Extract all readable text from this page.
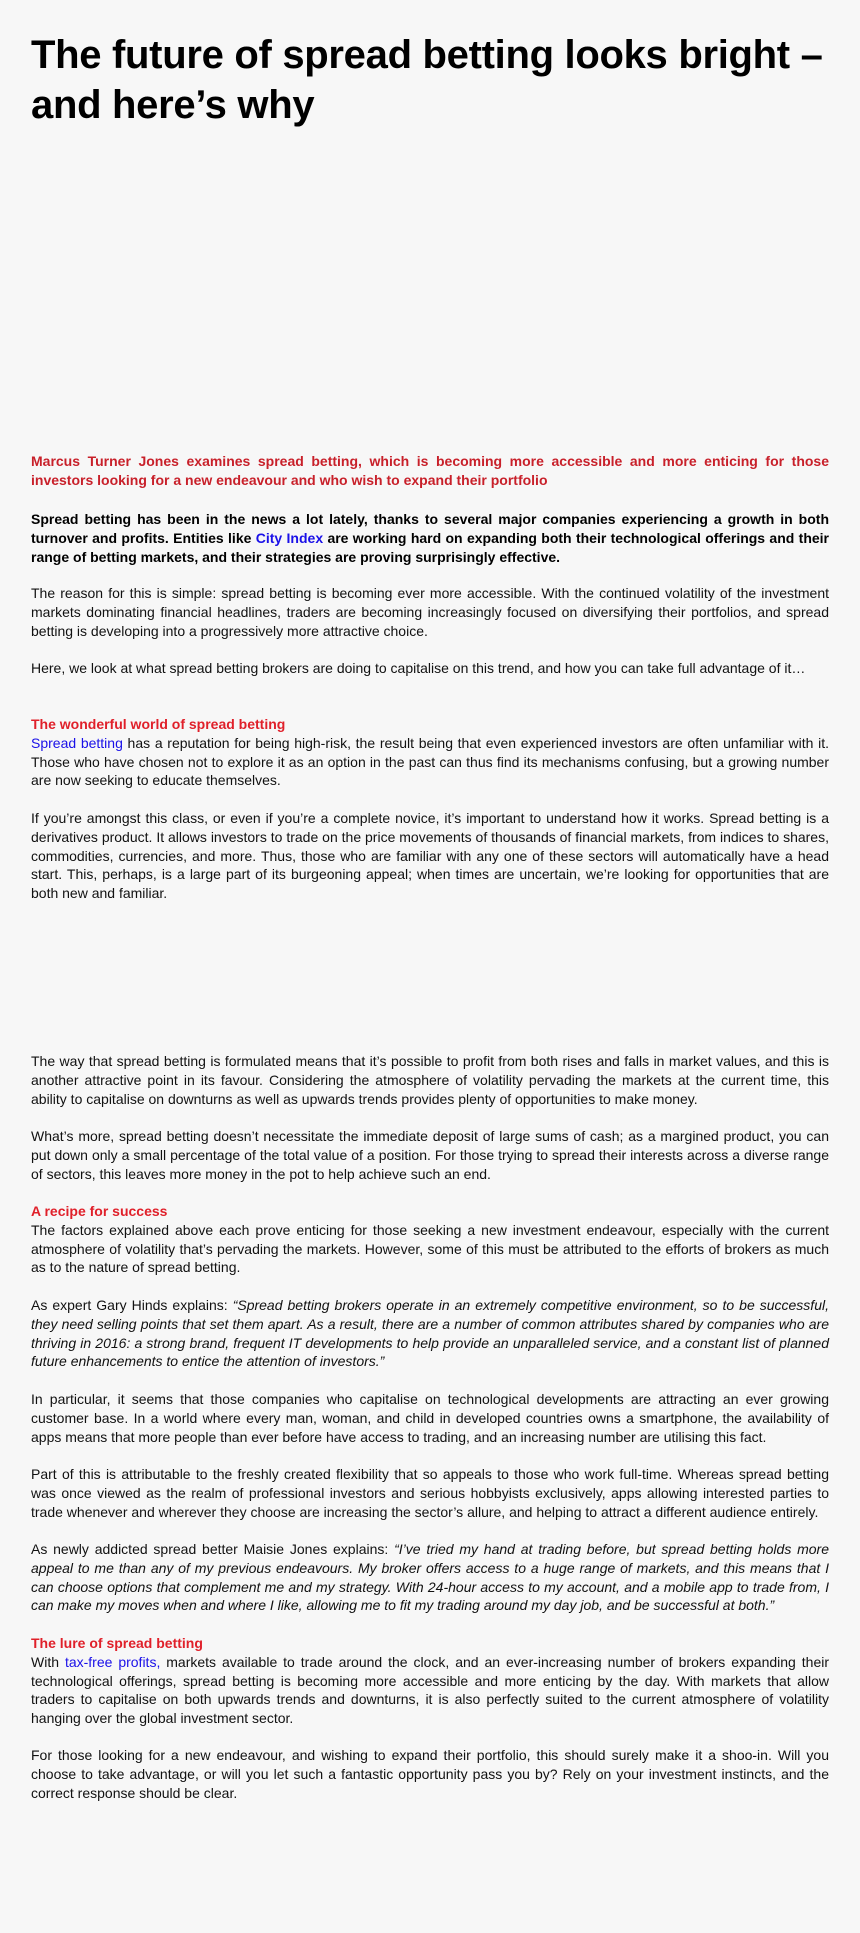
The future of spread betting looks bright – and here’s why

Marcus Turner Jones examines spread betting, which is becoming more accessible and more enticing for those investors looking for a new endeavour and who wish to expand their portfolio

Spread betting has been in the news a lot lately, thanks to several major companies experiencing a growth in both turnover and profits. Entities like City Index are working hard on expanding both their technological offerings and their range of betting markets, and their strategies are proving surprisingly effective.

The reason for this is simple: spread betting is becoming ever more accessible. With the continued volatility of the investment markets dominating financial headlines, traders are becoming increasingly focused on diversifying their portfolios, and spread betting is developing into a progressively more attractive choice.

Here, we look at what spread betting brokers are doing to capitalise on this trend, and how you can take full advantage of it…

The wonderful world of spread betting
Spread betting has a reputation for being high-risk, the result being that even experienced investors are often unfamiliar with it. Those who have chosen not to explore it as an option in the past can thus find its mechanisms confusing, but a growing number are now seeking to educate themselves.

If you’re amongst this class, or even if you’re a complete novice, it’s important to understand how it works. Spread betting is a derivatives product. It allows investors to trade on the price movements of thousands of financial markets, from indices to shares, commodities, currencies, and more. Thus, those who are familiar with any one of these sectors will automatically have a head start. This, perhaps, is a large part of its burgeoning appeal; when times are uncertain, we’re looking for opportunities that are both new and familiar.

The way that spread betting is formulated means that it’s possible to profit from both rises and falls in market values, and this is another attractive point in its favour. Considering the atmosphere of volatility pervading the markets at the current time, this ability to capitalise on downturns as well as upwards trends provides plenty of opportunities to make money.

What’s more, spread betting doesn’t necessitate the immediate deposit of large sums of cash; as a margined product, you can put down only a small percentage of the total value of a position. For those trying to spread their interests across a diverse range of sectors, this leaves more money in the pot to help achieve such an end.

A recipe for success
The factors explained above each prove enticing for those seeking a new investment endeavour, especially with the current atmosphere of volatility that’s pervading the markets. However, some of this must be attributed to the efforts of brokers as much as to the nature of spread betting.

As expert Gary Hinds explains: “Spread betting brokers operate in an extremely competitive environment, so to be successful, they need selling points that set them apart. As a result, there are a number of common attributes shared by companies who are thriving in 2016: a strong brand, frequent IT developments to help provide an unparalleled service, and a constant list of planned future enhancements to entice the attention of investors.”

In particular, it seems that those companies who capitalise on technological developments are attracting an ever growing customer base. In a world where every man, woman, and child in developed countries owns a smartphone, the availability of apps means that more people than ever before have access to trading, and an increasing number are utilising this fact.

Part of this is attributable to the freshly created flexibility that so appeals to those who work full-time. Whereas spread betting was once viewed as the realm of professional investors and serious hobbyists exclusively, apps allowing interested parties to trade whenever and wherever they choose are increasing the sector’s allure, and helping to attract a different audience entirely.

As newly addicted spread better Maisie Jones explains: “I’ve tried my hand at trading before, but spread betting holds more appeal to me than any of my previous endeavours. My broker offers access to a huge range of markets, and this means that I can choose options that complement me and my strategy. With 24-hour access to my account, and a mobile app to trade from, I can make my moves when and where I like, allowing me to fit my trading around my day job, and be successful at both.”

The lure of spread betting
With tax-free profits, markets available to trade around the clock, and an ever-increasing number of brokers expanding their technological offerings, spread betting is becoming more accessible and more enticing by the day. With markets that allow traders to capitalise on both upwards trends and downturns, it is also perfectly suited to the current atmosphere of volatility hanging over the global investment sector.

For those looking for a new endeavour, and wishing to expand their portfolio, this should surely make it a shoo-in. Will you choose to take advantage, or will you let such a fantastic opportunity pass you by? Rely on your investment instincts, and the correct response should be clear.
